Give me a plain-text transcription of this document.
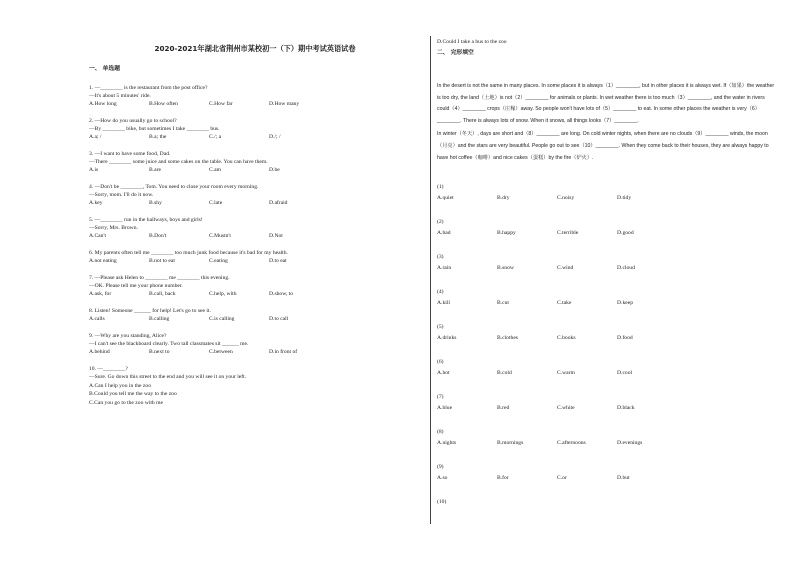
2020-2021年湖北省荆州市某校初一（下）期中考试英语试卷
一、 单选题
1. —________ is the restaurant from the post office?
—It's about 5 minutes' ride.
A.How long	B.How often	C.How far	D.How many
2. —How do you usually go to school?
—By ________ bike, but sometimes I take ________ bus.
A.a; /	B.a; the	C./; a	D./; /
3. —I want to have some food, Dad.
—There ________ some juice and some cakes on the table. You can have them.
A.is	B.are	C.am	D.be
4. —Don't be ________, Tom. You need to close your room every morning.
—Sorry, mom. I'll do it now.
A.key	B.shy	C.late	D.afraid
5. —________ run in the hallways, boys and girls!
—Sorry, Mrs. Brown.
A.Can't	B.Don't	C.Mustn't	D.Not
6. My parents often tell me ________ too much junk food because it's bad for my health.
A.not eating	B.not to eat	C.eating	D.to eat
7. —Please ask Helen to ________ me ________ this evening.
—OK. Please tell me your phone number.
A.ask, for	B.call, back	C.help, with	D.show, to
8. Listen! Someone ______ for help! Let's go to see it.
A.calls	B.calling	C.is calling	D.to call
9. —Why are you standing, Alice?
—I can't see the blackboard clearly. Two tall classmates sit ______ me.
A.behind	B.next to	C.between	D.in front of
10. —________?
—Sure. Go down this street to the end and you will see it on your left.
A.Can I help you in the zoo
B.Could you tell me the way to the zoo
C.Can you go to the zoo with me
D.Could I take a bus to the zoo
二、 完形填空

In the desert is not the same in many places. In some places it is always（1）________, but in other places it is always wet. If（如果）the weather is too dry, the land（土地）is not（2）________ for animals or plants. In wet weather there is too much（3）________, and the water in rivers could（4）________ crops（庄稼）away. So people won't have lots of（5）________ to eat. In some other places the weather is very（6）________. There is always lots of snow. When it snows, all things looks（7）________.

In winter（冬天）, days are short and（8）________ are long. On cold winter nights, when there are no clouds（9）________ winds, the moon（月亮）and the stars are very beautiful. People go out to see（10）________. When they come back to their houses, they are always happy to have hot coffee（咖啡）and nice cakes（蛋糕）by the fire（炉火）.

(1)
A.quiet	B.dry	C.noisy	D.tidy
(2)
A.bad	B.happy	C.terrible	D.good
(3)
A.rain	B.snow	C.wind	D.cloud
(4)
A.kill	B.cut	C.take	D.keep
(5)
A.drinks	B.clothes	C.books	D.food
(6)
A.hot	B.cold	C.warm	D.cool
(7)
A.blue	B.red	C.white	D.black
(8)
A.nights	B.mornings	C.afternoons	D.evenings
(9)
A.so	B.for	C.or	D.but
(10)
